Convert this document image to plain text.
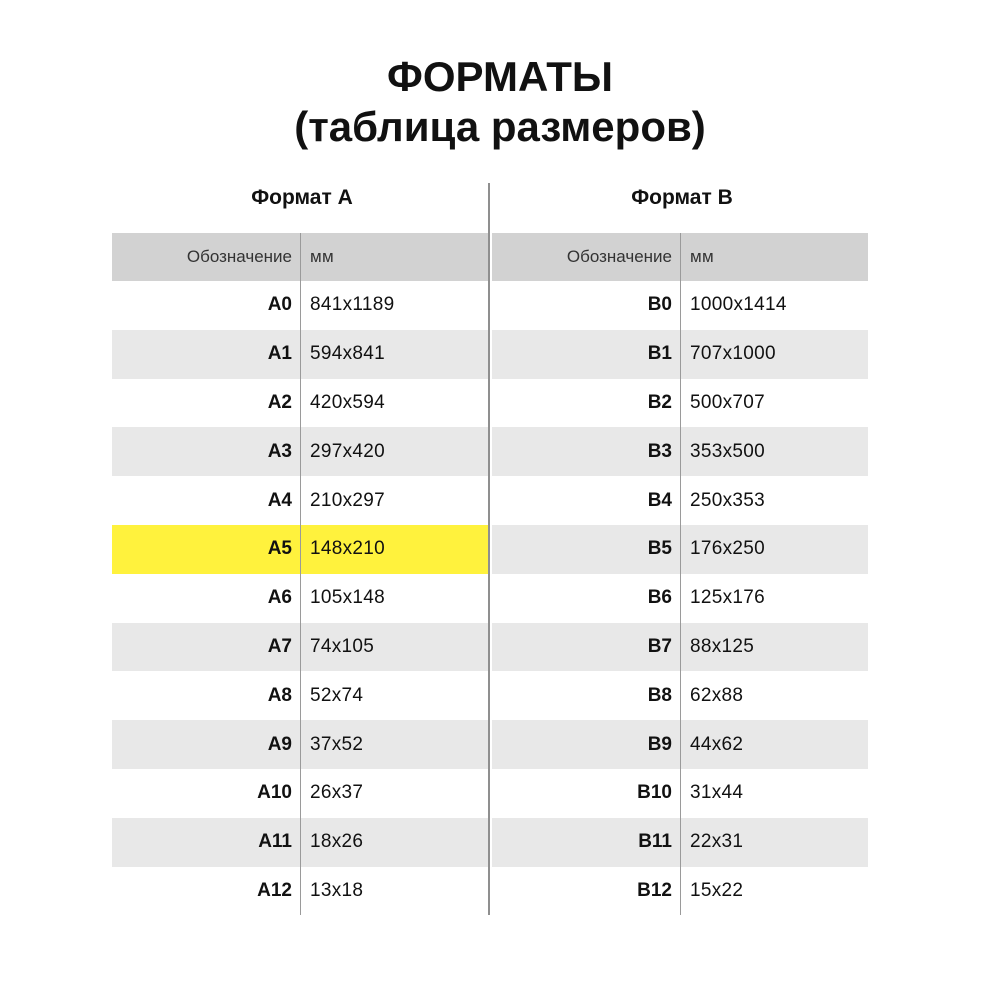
ФОРМАТЫ
(таблица размеров)
Формат А	Формат В
Обозначение	мм
A0 841x1189
A1 594x841
A2 420x594
A3 297x420
A4 210x297
A5 148x210
A6 105x148
A7 74x105
A8 52x74
A9 37x52
A10 26x37
A11 18x26
A12 13x18
Обозначение	мм
B0 1000x1414
B1 707x1000
B2 500x707
B3 353x500
B4 250x353
B5 176x250
B6 125x176
B7 88x125
B8 62x88
B9 44x62
B10 31x44
B11 22x31
B12 15x22
